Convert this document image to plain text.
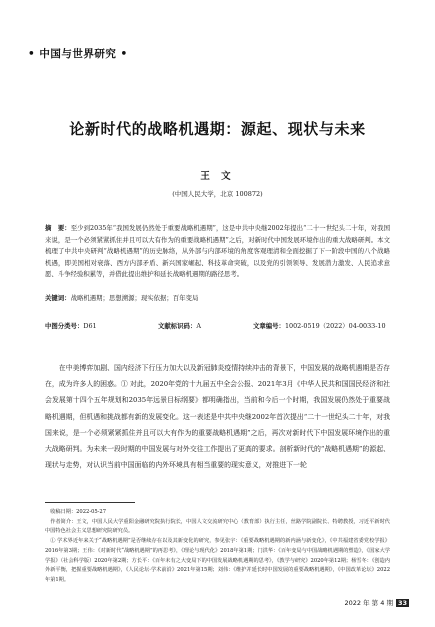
• 中国与世界研究 •
论新时代的战略机遇期：源起、现状与未来
王 文
(中国人民大学，北京 100872)
摘　要：至少到2035年“我国发展仍然处于重要战略机遇期”，这是中共中央继2002年提出“二十一世纪头二十年，对我国来说，是一个必须紧紧抓住并且可以大有作为的重要战略机遇期”之后，对新时代中国发展环境作出的重大战略研判。本文梳理了中共中央研判“战略机遇期”的历史脉络，从外部与内部环境的角度客观理清和全面挖掘了下一阶段中国的八个战略机遇，即美国相对衰落、西方内部矛盾、新兴国家崛起、科技革命突破，以及党的引领领导、发展潜力激发、人民追求意愿、斗争经验积累等，并借此提出维护和延长战略机遇期的路径思考。
关键词：战略机遇期；思想溯源；现实依据；百年变局
中图分类号：D61	文献标识码：A	文章编号：1002-0519（2022）04-0033-10

在中美博弈加剧、国内经济下行压力加大以及新冠肺炎疫情持续冲击的背景下，中国发展的战略机遇期是否存在，成为许多人的困惑。① 对此，2020年党的十九届五中全会公报、2021年3月《中华人民共和国国民经济和社会发展第十四个五年规划和2035年远景目标纲要》都明确指出，当前和今后一个时期，我国发展仍然处于重要战略机遇期，但机遇和挑战都有新的发展变化。这一表述是中共中央继2002年首次提出“二十一世纪头二十年，对我国来说，是一个必须紧紧抓住并且可以大有作为的重要战略机遇期”之后，再次对新时代下中国发展环境作出的重大战略研判。为未来一段时期的中国发展与对外交往工作提出了更高的要求。剖析新时代的“战略机遇期”的源起、现状与走势，对认识当前中国面临的内外环境具有相当重要的现实意义，对推进下一轮

收稿日期：2022-05-27

作者简介：王文，中国人民大学重阳金融研究院执行院长，中国人文交流研究中心（教育部）执行主任，丝路学院副院长、特聘教授，习近平新时代中国特色社会主义思想研究院研究员。

① 学术界近年来关于“战略机遇期”是否继续存在以及其新变化的研究，参见张宇：《重要战略机遇期的新内涵与新变化》，《中共福建省委党校学报》2016年第3期；王伟：《对新时代“战略机遇期”的再思考》，《理论与现代化》2018年第1期；门洪华：《百年变局与中国战略机遇期的塑造》，《国家大学学报》（社会科学版）2020年第2期；方长平：《百年未有之大变局下的中国发展战略机遇期的思考》，《教学与研究》2020年第12期；杨雪冬：《创造内外新平衡，把握重要战略机遇期》，《人民论坛·学术前沿》2021年第15期；刘伟：《维护并延长时中国发展的重要战略机遇期》，《中国改革论坛》2022年第1期。

2022 年 第 4 期 33
